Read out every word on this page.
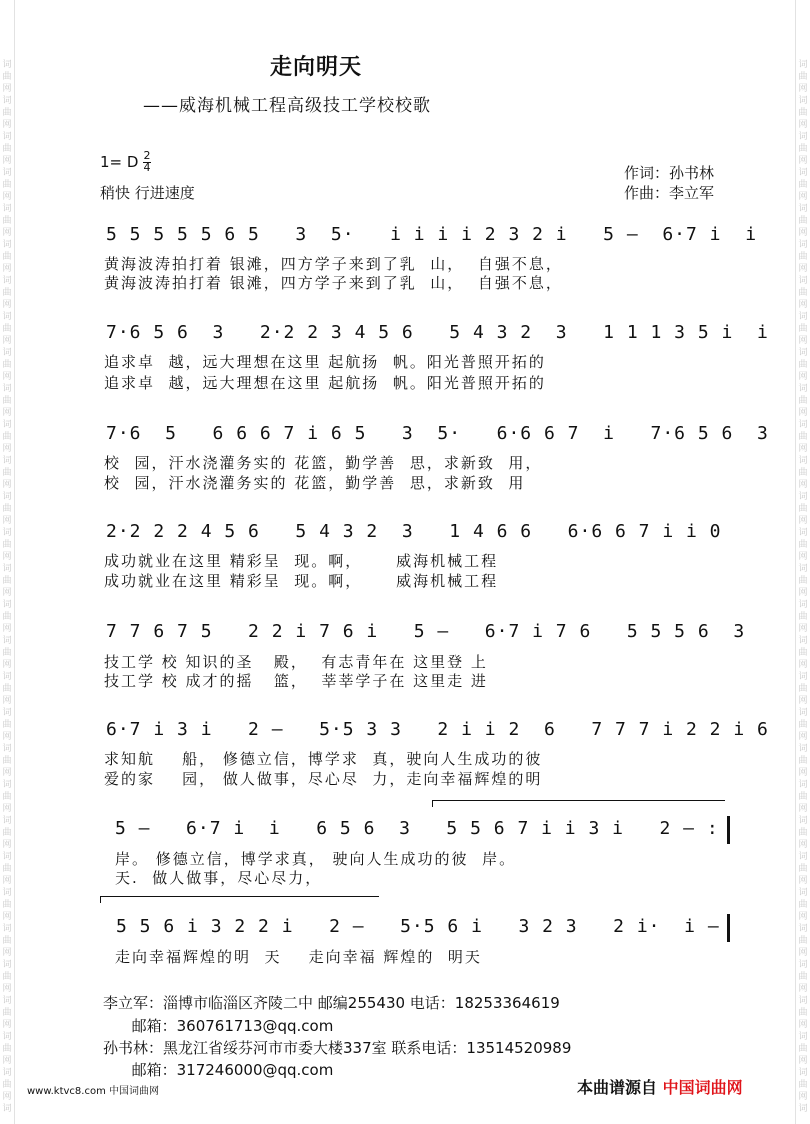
词
曲
网
词
曲
网
词
曲
网
词
曲
网
词
曲
网
词
曲
网
词
曲
网
词
曲
网
词
曲
网
词
曲
网
词
曲
网
词
曲
网
词
曲
网
词
曲
网
词
曲
网
词
曲
网
词
曲
网
词
曲
网
词
曲
网
词
曲
网
词
曲
网
词
曲
网
词
曲
网
词
曲
网
词
曲
网
词
曲
网
词
曲
网
词
曲
网
词
曲
网
词
词
曲
网
词
曲
网
词
曲
网
词
曲
网
词
曲
网
词
曲
网
词
曲
网
词
曲
网
词
曲
网
词
曲
网
词
曲
网
词
曲
网
词
曲
网
词
曲
网
词
曲
网
词
曲
网
词
曲
网
词
曲
网
词
曲
网
词
曲
网
词
曲
网
词
曲
网
词
曲
网
词
曲
网
词
曲
网
词
曲
网
词
曲
网
词
曲
网
词
曲
网
词
走向明天
——威海机械工程高级技工学校校歌
1= D 2
4
稍快 行进速度
作词：孙书林
作曲：李立军
5 5 5 5 5 6 5   3  5·   i i i i 2 3 2 i   5 —  6·7 i  i
黄海波涛拍打着 银滩，四方学子来到了乳  山，  自强不息，
黄海波涛拍打着 银滩，四方学子来到了乳  山，  自强不息，
7·6 5 6  3   2·2 2 3 4 5 6   5 4 3 2  3   1 1 1 3 5 i  i
追求卓  越，远大理想在这里 起航扬  帆。阳光普照开拓的
追求卓  越，远大理想在这里 起航扬  帆。阳光普照开拓的
7·6  5   6 6 6 7 i 6 5   3  5·   6·6 6 7  i   7·6 5 6  3
校  园，汗水浇灌务实的 花篮，勤学善  思，求新致  用，
校  园，汗水浇灌务实的 花篮，勤学善  思，求新致  用
2·2 2 2 4 5 6   5 4 3 2  3   1 4 6 6   6·6 6 7 i i 0
成功就业在这里 精彩呈  现。啊，     威海机械工程
成功就业在这里 精彩呈  现。啊，     威海机械工程
7 7 6 7 5   2 2 i 7 6 i   5 —   6·7 i 7 6   5 5 5 6  3
技工学 校 知识的圣   殿，  有志青年在 这里登 上
技工学 校 成才的摇   篮，  莘莘学子在 这里走 进
6·7 i 3 i   2 —   5·5 3 3   2 i i 2  6   7 7 7 i 2 2 i 6
求知航    船， 修德立信，博学求  真，驶向人生成功的彼
爱的家    园， 做人做事，尽心尽  力，走向幸福辉煌的明
5 —   6·7 i  i   6 5 6  3   5 5 6 7 i i 3 i   2 — :
岸。 修德立信，博学求真， 驶向人生成功的彼  岸。
天.  做人做事，尽心尽力，
5 5 6 i 3 2 2 i   2 —   5·5 6 i   3 2 3   2 i·  i —
走向幸福辉煌的明  天    走向幸福 辉煌的  明天
李立军：淄博市临淄区齐陵二中 邮编255430 电话：18253364619
邮箱：360761713@qq.com
孙书林：黑龙江省绥芬河市市委大楼337室 联系电话：13514520989
邮箱：317246000@qq.com
www.ktvc8.com 中国词曲网	本曲谱源自 中国词曲网
